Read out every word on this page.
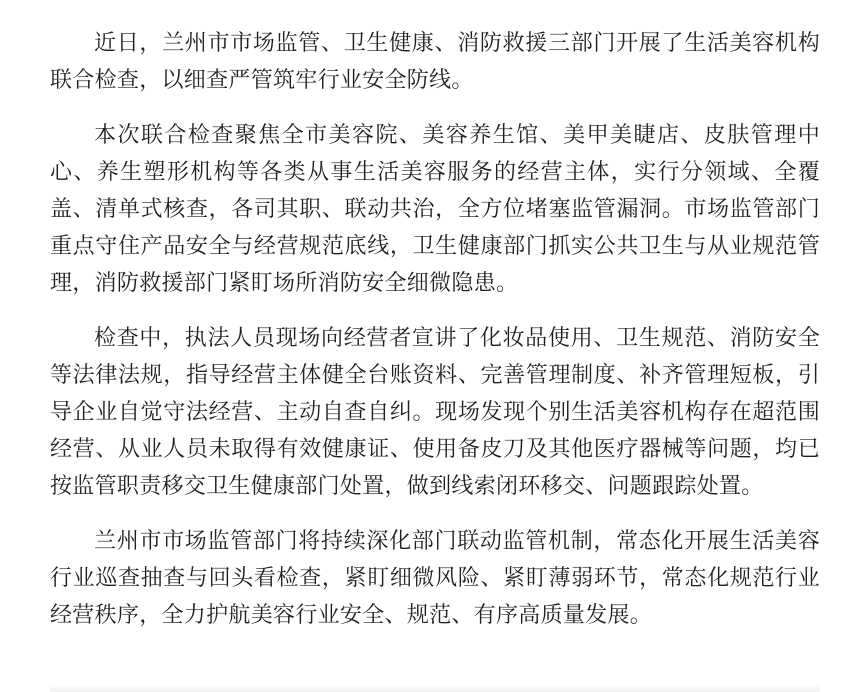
近日，兰州市市场监管、卫生健康、消防救援三部门开展了生活美容机构联合检查，以细查严管筑牢行业安全防线。

本次联合检查聚焦全市美容院、美容养生馆、美甲美睫店、皮肤管理中心、养生塑形机构等各类从事生活美容服务的经营主体，实行分领域、全覆盖、清单式核查，各司其职、联动共治，全方位堵塞监管漏洞。市场监管部门重点守住产品安全与经营规范底线，卫生健康部门抓实公共卫生与从业规范管理，消防救援部门紧盯场所消防安全细微隐患。

检查中，执法人员现场向经营者宣讲了化妆品使用、卫生规范、消防安全等法律法规，指导经营主体健全台账资料、完善管理制度、补齐管理短板，引导企业自觉守法经营、主动自查自纠。现场发现个别生活美容机构存在超范围经营、从业人员未取得有效健康证、使用备皮刀及其他医疗器械等问题，均已按监管职责移交卫生健康部门处置，做到线索闭环移交、问题跟踪处置。

兰州市市场监管部门将持续深化部门联动监管机制，常态化开展生活美容行业巡查抽查与回头看检查，紧盯细微风险、紧盯薄弱环节，常态化规范行业经营秩序，全力护航美容行业安全、规范、有序高质量发展。
